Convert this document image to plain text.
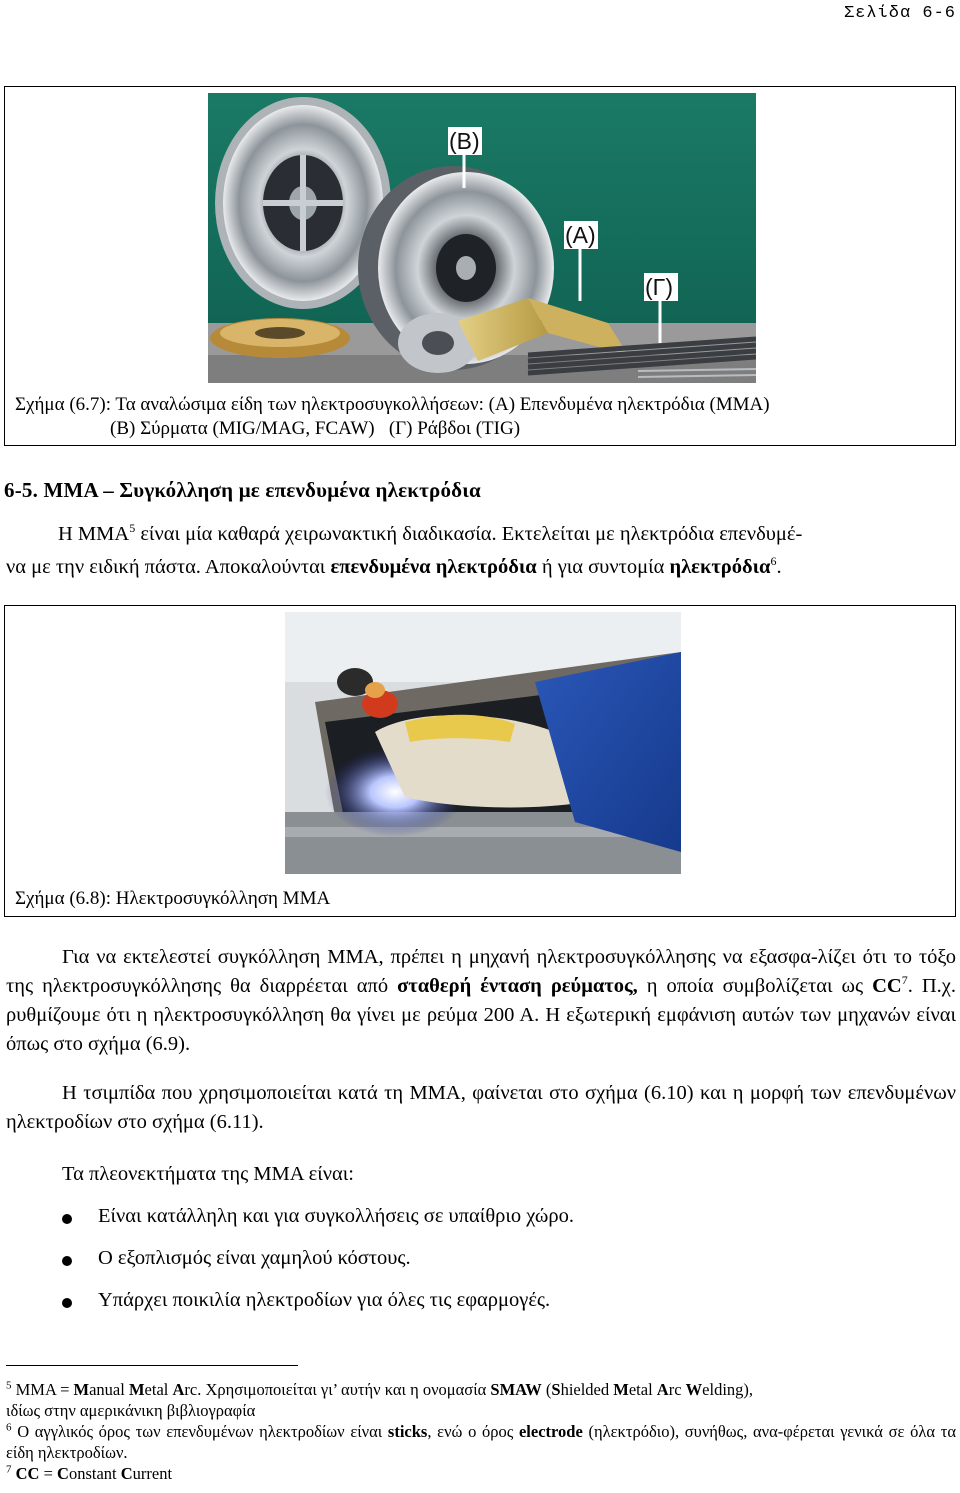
Σελίδα 6-6
(Β)
(Α)
(Γ)
Σχήμα (6.7): Τα αναλώσιμα είδη των ηλεκτροσυγκολλήσεων: (Α) Επενδυμένα ηλεκτρόδια (ΜΜΑ)
(Β) Σύρματα (MIG/MAG, FCAW)   (Γ) Ράβδοι (TIG)
6-5. ΜΜΑ – Συγκόλληση με επενδυμένα ηλεκτρόδια
Η ΜΜΑ$^5$ είναι μία καθαρά χειρωνακτική διαδικασία. Εκτελείται με ηλεκτρόδια επενδυμέ-
να με την ειδική πάστα. Αποκαλούνται επενδυμένα ηλεκτρόδια ή για συντομία ηλεκτρόδια$^6$.
Σχήμα (6.8): Ηλεκτροσυγκόλληση ΜΜΑ
Για να εκτελεστεί συγκόλληση ΜΜΑ, πρέπει η μηχανή ηλεκτροσυγκόλλησης να εξασφα-λίζει ότι το τόξο της ηλεκτροσυγκόλλησης θα διαρρέεται από σταθερή ένταση ρεύματος, η οποία συμβολίζεται ως $CC^7$. Π.χ. ρυθμίζουμε ότι η ηλεκτροσυγκόλληση θα γίνει με ρεύμα 200 Α. Η εξωτερική εμφάνιση αυτών των μηχανών είναι όπως στο σχήμα (6.9).
Η τσιμπίδα που χρησιμοποιείται κατά τη ΜΜΑ, φαίνεται στο σχήμα (6.10) και η μορφή των επενδυμένων ηλεκτροδίων στο σχήμα (6.11).
Τα πλεονεκτήματα της ΜΜΑ είναι:
Είναι κατάλληλη και για συγκολλήσεις σε υπαίθριο χώρο.
Ο εξοπλισμός είναι χαμηλού κόστους.
Υπάρχει ποικιλία ηλεκτροδίων για όλες τις εφαρμογές.

$^5$ ΜΜΑ = Manual Metal Arc. Χρησιμοποιείται γι’ αυτήν και η ονομασία SMAW (Shielded Metal Arc Welding),
ιδίως στην αμερικάνικη βιβλιογραφία

$^6$ Ο αγγλικός όρος των επενδυμένων ηλεκτροδίων είναι sticks, ενώ ο όρος electrode (ηλεκτρόδιο), συνήθως, ανα-φέρεται γενικά σε όλα τα είδη ηλεκτροδίων.

$^7$ CC = Constant Current
